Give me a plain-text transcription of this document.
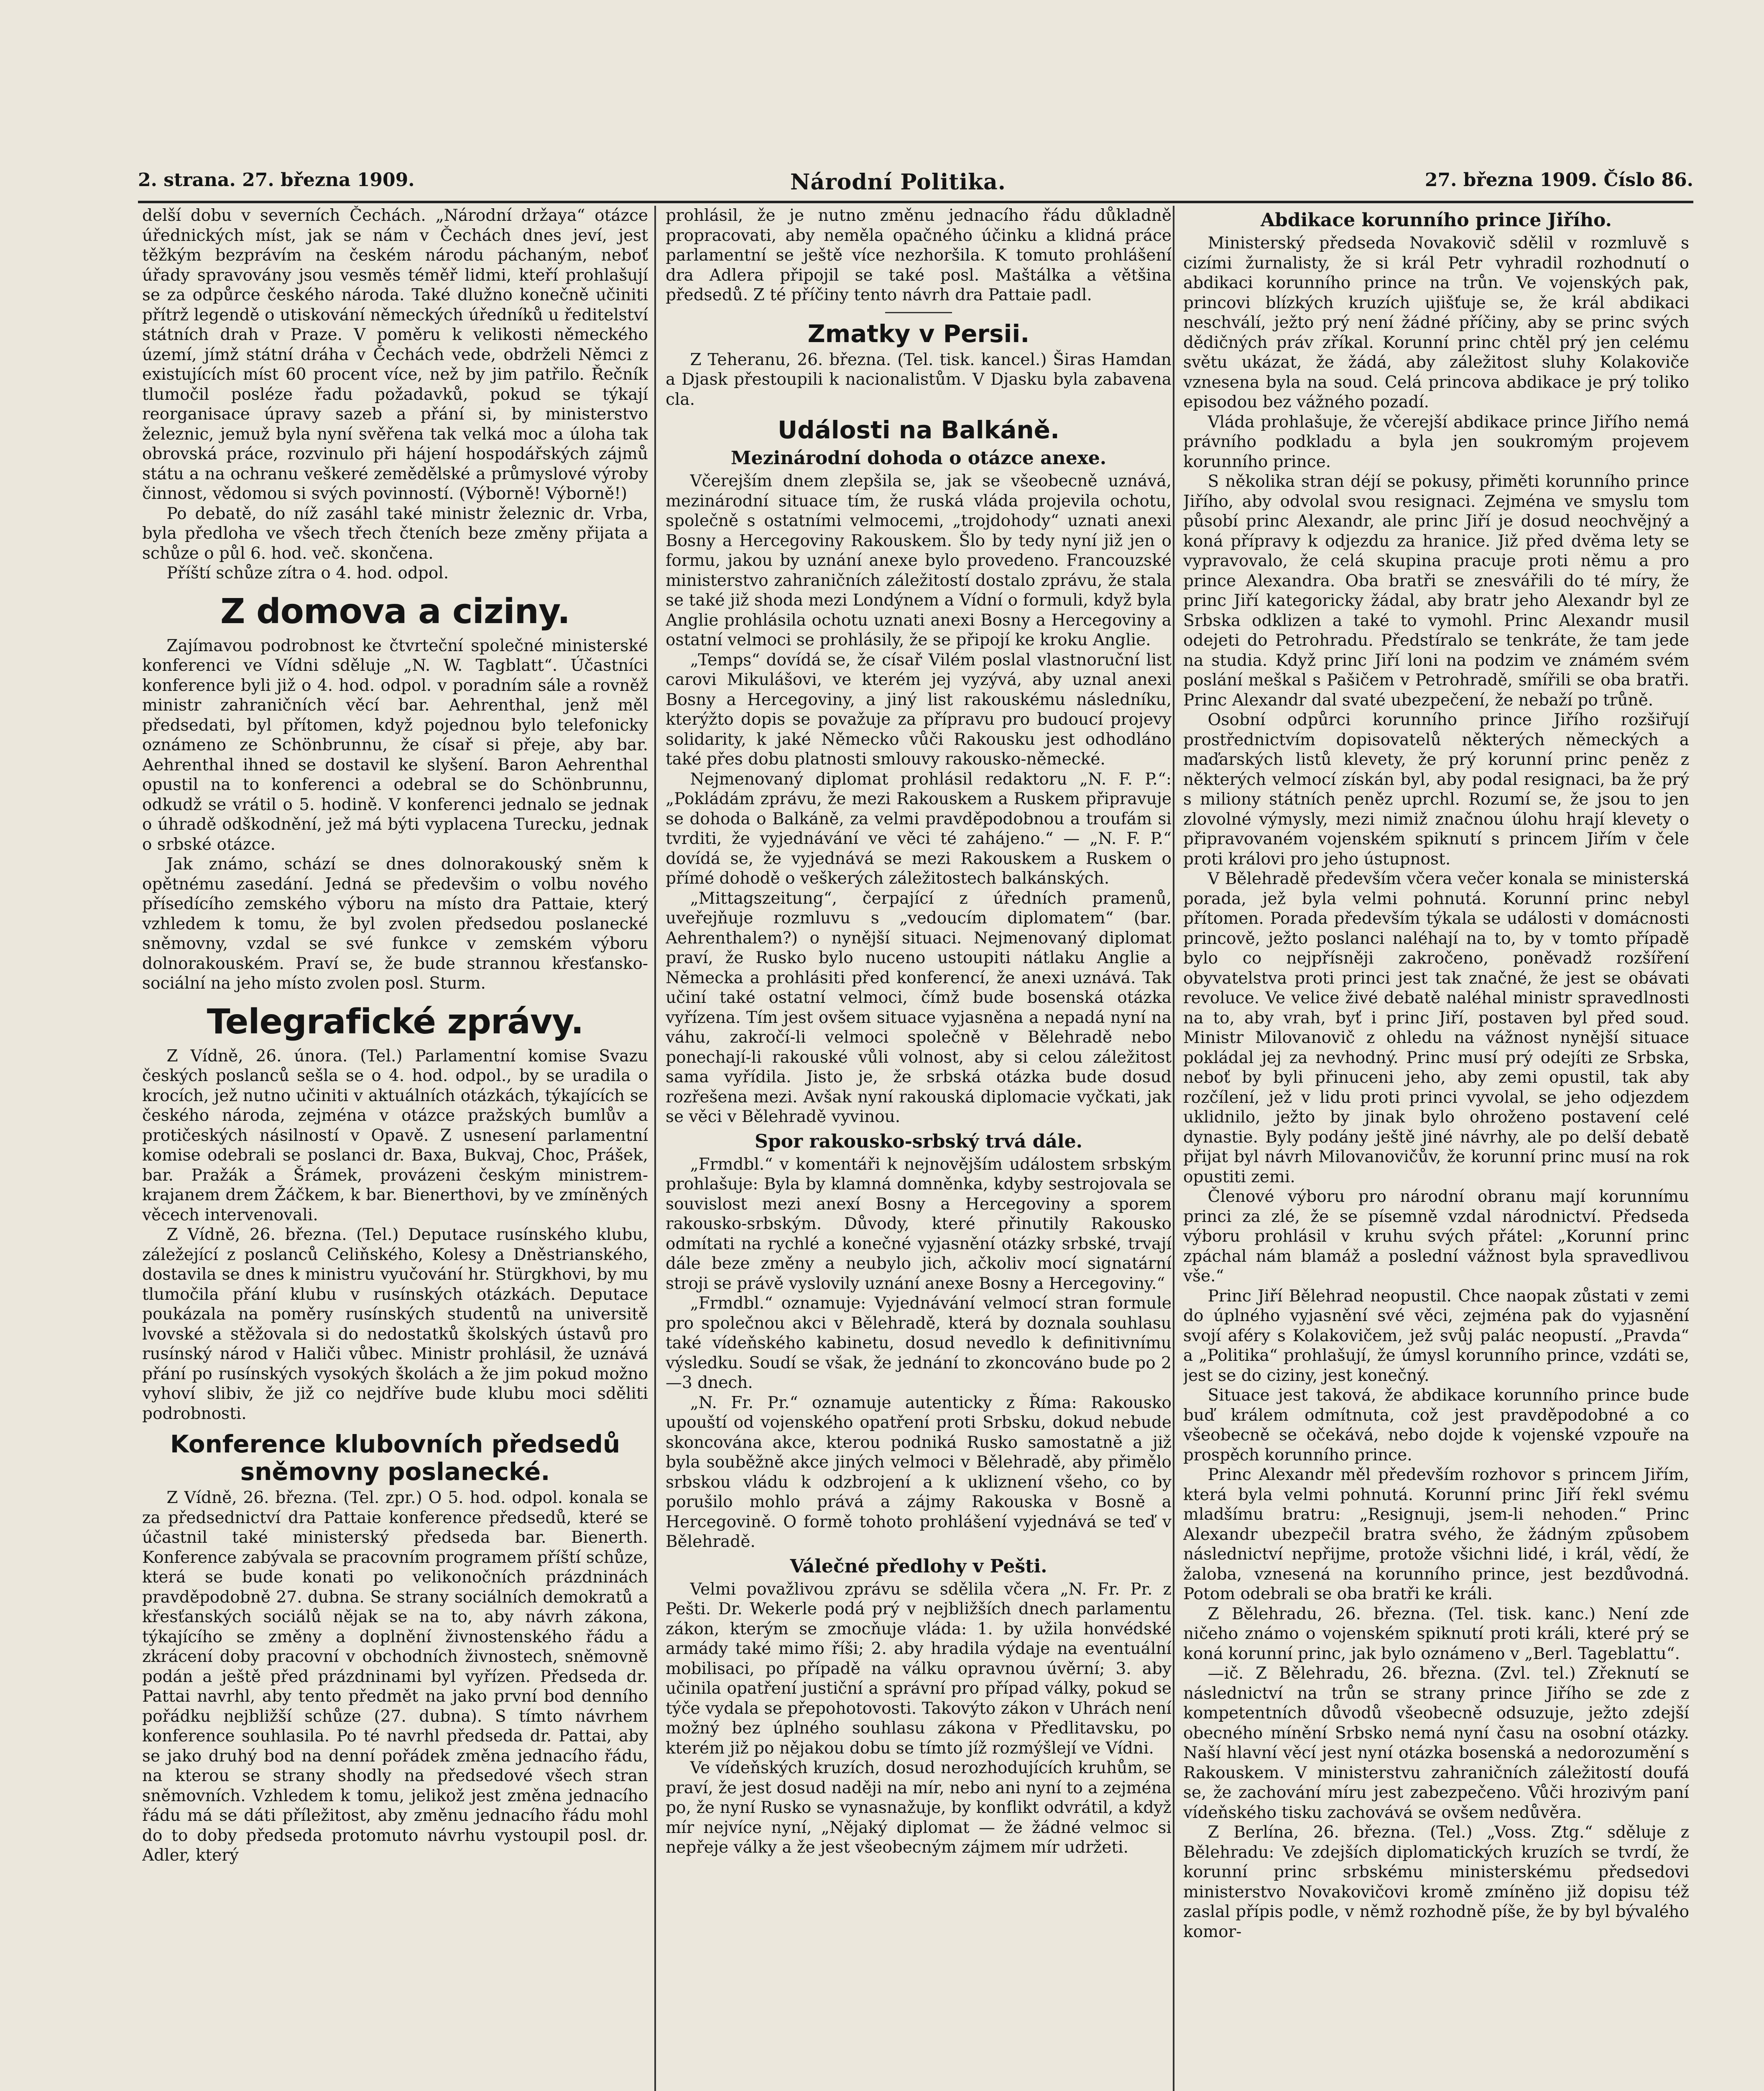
2. strana. 27. března 1909.	Národní Politika.	27. března 1909. Číslo 86.

delší dobu v severních Čechách. „Národní držaya“ otázce úřednických míst, jak se nám v Čechách dnes jeví, jest těžkým bezprávím na českém národu páchaným, neboť úřady spravovány jsou vesměs téměř lidmi, kteří prohlašují se za odpůrce českého národa. Také dlužno konečně učiniti přítrž legendě o utiskování německých úředníků u ředitelství státních drah v Praze. V poměru k velikosti německého území, jímž státní dráha v Čechách vede, obdrželi Němci z existujících míst 60 procent více, než by jim patřilo. Řečník tlumočil posléze řadu požadavků, pokud se týkají reorganisace úpravy sazeb a přání si, by ministerstvo železnic, jemuž byla nyní svěřena tak velká moc a úloha tak obrovská práce, rozvinulo při hájení hospodářských zájmů státu a na ochranu veškeré zemědělské a průmyslové výroby činnost, vědomou si svých povinností. (Výborně! Výborně!)

Po debatě, do níž zasáhl také ministr železnic dr. Vrba, byla předloha ve všech třech čteních beze změny přijata a schůze o půl 6. hod. več. skončena.

Příští schůze zítra o 4. hod. odpol.

Z domova a ciziny.

Zajímavou podrobnost ke čtvrteční společné ministerské konferenci ve Vídni sděluje „N. W. Tagblatt“. Účastníci konference byli již o 4. hod. odpol. v poradním sále a rovněž ministr zahraničních věcí bar. Aehrenthal, jenž měl předsedati, byl přítomen, když pojednou bylo telefonicky oznámeno ze Schönbrunnu, že císař si přeje, aby bar. Aehrenthal ihned se dostavil ke slyšení. Baron Aehrenthal opustil na to konferenci a odebral se do Schönbrunnu, odkudž se vrátil o 5. hodině. V konferenci jednalo se jednak o úhradě odškodnění, jež má býti vyplacena Turecku, jednak o srbské otázce.

Jak známo, schází se dnes dolnorakouský sněm k opětnému zasedání. Jedná se předevšim o volbu nového přísedícího zemského výboru na místo dra Pattaie, který vzhledem k tomu, že byl zvolen předsedou poslanecké sněmovny, vzdal se své funkce v zemském výboru dolnorakouském. Praví se, že bude strannou křesťansko-sociální na jeho místo zvolen posl. Sturm.

Telegrafické zprávy.

Z Vídně, 26. února. (Tel.) Parlamentní komise Svazu českých poslanců sešla se o 4. hod. odpol., by se uradila o krocích, jež nutno učiniti v aktuálních otázkách, týkajících se českého národa, zejména v otázce pražských bumlův a protičeských násilností v Opavě. Z usnesení parlamentní komise odebrali se poslanci dr. Baxa, Bukvaj, Choc, Prášek, bar. Pražák a Šrámek, provázeni českým ministrem-krajanem drem Žáčkem, k bar. Bienerthovi, by ve zmíněných věcech intervenovali.

Z Vídně, 26. března. (Tel.) Deputace rusínského klubu, záležející z poslanců Celiňského, Kolesy a Dněstrianského, dostavila se dnes k ministru vyučování hr. Stürgkhovi, by mu tlumočila přání klubu v rusínských otázkách. Deputace poukázala na poměry rusínských studentů na universitě lvovské a stěžovala si do nedostatků školských ústavů pro rusínský národ v Haliči vůbec. Ministr prohlásil, že uznává přání po rusínských vysokých školách a že jim pokud možno vyhoví slibiv, že již co nejdříve bude klubu moci sděliti podrobnosti.

Konference klubovních předsedů sněmovny poslanecké.

Z Vídně, 26. března. (Tel. zpr.) O 5. hod. odpol. konala se za předsednictví dra Pattaie konference předsedů, které se účastnil také ministerský předseda bar. Bienerth. Konference zabývala se pracovním programem příští schůze, která se bude konati po velikonočních prázdninách pravděpodobně 27. dubna. Se strany sociálních demokratů a křesťanských sociálů nějak se na to, aby návrh zákona, týkajícího se změny a doplnění živnostenského řádu a zkrácení doby pracovní v obchodních živnostech, sněmovně podán a ještě před prázdninami byl vyřízen. Předseda dr. Pattai navrhl, aby tento předmět na jako první bod denního pořádku nejbližší schůze (27. dubna). S tímto návrhem konference souhlasila. Po té navrhl předseda dr. Pattai, aby se jako druhý bod na denní pořádek změna jednacího řádu, na kterou se strany shodly na předsedové všech stran sněmovních. Vzhledem k tomu, jelikož jest změna jednacího řádu má se dáti příležitost, aby změnu jednacího řádu mohl do to doby předseda protomuto návrhu vystoupil posl. dr. Adler, který

prohlásil, že je nutno změnu jednacího řádu důkladně propracovati, aby neměla opačného účinku a klidná práce parlamentní se ještě více nezhoršila. K tomuto prohlášení dra Adlera připojil se také posl. Maštálka a většina předsedů. Z té příčiny tento návrh dra Pattaie padl.

Zmatky v Persii.

Z Teheranu, 26. března. (Tel. tisk. kancel.) Širas Hamdan a Djask přestoupili k nacionalistům. V Djasku byla zabavena cla.

Události na Balkáně.
Mezinárodní dohoda o otázce anexe.

Včerejším dnem zlepšila se, jak se všeobecně uznává, mezinárodní situace tím, že ruská vláda projevila ochotu, společně s ostatními velmocemi, „trojdohody“ uznati anexi Bosny a Hercegoviny Rakouskem. Šlo by tedy nyní již jen o formu, jakou by uznání anexe bylo provedeno. Francouzské ministerstvo zahraničních záležitostí dostalo zprávu, že stala se také již shoda mezi Londýnem a Vídní o formuli, když byla Anglie prohlásila ochotu uznati anexi Bosny a Hercegoviny a ostatní velmoci se prohlásily, že se připojí ke kroku Anglie.

„Temps“ dovídá se, že císař Vilém poslal vlastnoruční list carovi Mikulášovi, ve kterém jej vyzývá, aby uznal anexi Bosny a Hercegoviny, a jiný list rakouskému následníku, kterýžto dopis se považuje za přípravu pro budoucí projevy solidarity, k jaké Německo vůči Rakousku jest odhodláno také přes dobu platnosti smlouvy rakousko-německé.

Nejmenovaný diplomat prohlásil redaktoru „N. F. P.“: „Pokládám zprávu, že mezi Rakouskem a Ruskem připravuje se dohoda o Balkáně, za velmi pravděpodobnou a troufám si tvrditi, že vyjednávání ve věci té zahájeno.“ — „N. F. P.“ dovídá se, že vyjednává se mezi Rakouskem a Ruskem o přímé dohodě o veškerých záležitostech balkánských.

„Mittagszeitung“, čerpající z úředních pramenů, uveřejňuje rozmluvu s „vedoucím diplomatem“ (bar. Aehrenthalem?) o nynější situaci. Nejmenovaný diplomat praví, že Rusko bylo nuceno ustoupiti nátlaku Anglie a Německa a prohlásiti před konferencí, že anexi uznává. Tak učiní také ostatní velmoci, čímž bude bosenská otázka vyřízena. Tím jest ovšem situace vyjasněna a nepadá nyní na váhu, zakročí-li velmoci společně v Bělehradě nebo ponechají-li rakouské vůli volnost, aby si celou záležitost sama vyřídila. Jisto je, že srbská otázka bude dosud rozřešena mezi. Avšak nyní rakouská diplomacie vyčkati, jak se věci v Bělehradě vyvinou.

Spor rakousko-srbský trvá dále.

„Frmdbl.“ v komentáři k nejnovějším událostem srbským prohlašuje: Byla by klamná domněnka, kdyby sestrojovala se souvislost mezi anexí Bosny a Hercegoviny a sporem rakousko-srbským. Důvody, které přinutily Rakousko odmítati na rychlé a konečné vyjasnění otázky srbské, trvají dále beze změny a neubylo jich, ačkoliv mocí signatární stroji se právě vyslovily uznání anexe Bosny a Hercegoviny.“

„Frmdbl.“ oznamuje: Vyjednávání velmocí stran formule pro společnou akci v Bělehradě, která by doznala souhlasu také vídeňského kabinetu, dosud nevedlo k definitivnímu výsledku. Soudí se však, že jednání to zkoncováno bude po 2—3 dnech.

„N. Fr. Pr.“ oznamuje autenticky z Říma: Rakousko upouští od vojenského opatření proti Srbsku, dokud nebude skoncována akce, kterou podniká Rusko samostatně a již byla souběžně akce jiných velmoci v Bělehradě, aby přimělo srbskou vládu k odzbrojení a k ukliznení všeho, co by porušilo mohlo prává a zájmy Rakouska v Bosně a Hercegovině. O formě tohoto prohlášení vyjednává se teď v Bělehradě.

Válečné předlohy v Pešti.

Velmi považlivou zprávu se sdělila včera „N. Fr. Pr. z Pešti. Dr. Wekerle podá prý v nejbližších dnech parlamentu zákon, kterým se zmocňuje vláda: 1. by užila honvédské armády také mimo říši; 2. aby hradila výdaje na eventuální mobilisaci, po případě na válku opravnou úvěrní; 3. aby učinila opatření justiční a správní pro případ války, pokud se týče vydala se přepohotovosti. Takovýto zákon v Uhrách není možný bez úplného souhlasu zákona v Předlitavsku, po kterém již po nějakou dobu se tímto jíž rozmýšlejí ve Vídni.

Ve vídeňských kruzích, dosud nerozhodujících kruhům, se praví, že jest dosud naději na mír, nebo ani nyní to a zejména po, že nyní Rusko se vynasnažuje, by konflikt odvrátil, a když mír nejvíce nyní, „Nějaký diplomat — že žádné velmoc si nepřeje války a že jest všeobecným zájmem mír udržeti.

Abdikace korunního prince Jiřího.

Ministerský předseda Novakovič sdělil v rozmluvě s cizími žurnalisty, že si král Petr vyhradil rozhodnutí o abdikaci korunního prince na trůn. Ve vojenských pak, princovi blízkých kruzích ujišťuje se, že král abdikaci neschválí, ježto prý není žádné příčiny, aby se princ svých dědičných práv zříkal. Korunní princ chtěl prý jen celému světu ukázat, že žádá, aby záležitost sluhy Kolakoviče vznesena byla na soud. Celá princova abdikace je prý toliko episodou bez vážného pozadí.

Vláda prohlašuje, že včerejší abdikace prince Jiřího nemá právního podkladu a byla jen soukromým projevem korunního prince.

S několika stran déjí se pokusy, přiměti korunního prince Jiřího, aby odvolal svou resignaci. Zejména ve smyslu tom působí princ Alexandr, ale princ Jiří je dosud neochvějný a koná přípravy k odjezdu za hranice. Již před dvěma lety se vypravovalo, že celá skupina pracuje proti němu a pro prince Alexandra. Oba bratři se znesvářili do té míry, že princ Jiří kategoricky žádal, aby bratr jeho Alexandr byl ze Srbska odklizen a také to vymohl. Princ Alexandr musil odejeti do Petrohradu. Předstíralo se tenkráte, že tam jede na studia. Když princ Jiří loni na podzim ve známém svém poslání meškal s Pašičem v Petrohradě, smířili se oba bratři. Princ Alexandr dal svaté ubezpečení, že nebaží po trůně.

Osobní odpůrci korunního prince Jiřího rozšiřují prostřednictvím dopisovatelů některých německých a maďarských listů klevety, že prý korunní princ peněz z některých velmocí získán byl, aby podal resignaci, ba že prý s miliony státních peněz uprchl. Rozumí se, že jsou to jen zlovolné výmysly, mezi nimiž značnou úlohu hrají klevety o připravovaném vojenském spiknutí s princem Jiřím v čele proti královi pro jeho ústupnost.

V Bělehradě především včera večer konala se ministerská porada, jež byla velmi pohnutá. Korunní princ nebyl přítomen. Porada především týkala se události v domácnosti princově, ježto poslanci naléhají na to, by v tomto případě bylo co nejpřísněji zakročeno, poněvadž rozšíření obyvatelstva proti princi jest tak značné, že jest se obávati revoluce. Ve velice živé debatě naléhal ministr spravedlnosti na to, aby vrah, byť i princ Jiří, postaven byl před soud. Ministr Milovanovič z ohledu na vážnost nynější situace pokládal jej za nevhodný. Princ musí prý odejíti ze Srbska, neboť by byli přinuceni jeho, aby zemi opustil, tak aby rozčílení, jež v lidu proti princi vyvolal, se jeho odjezdem uklidnilo, ježto by jinak bylo ohroženo postavení celé dynastie. Byly podány ještě jiné návrhy, ale po delší debatě přijat byl návrh Milovanovičův, že korunní princ musí na rok opustiti zemi.

Členové výboru pro národní obranu mají korunnímu princi za zlé, že se písemně vzdal národnictví. Předseda výboru prohlásil v kruhu svých přátel: „Korunní princ zpáchal nám blamáž a poslední vážnost byla spravedlivou vše.“

Princ Jiří Bělehrad neopustil. Chce naopak zůstati v zemi do úplného vyjasnění své věci, zejména pak do vyjasnění svojí aféry s Kolakovičem, jež svůj palác neopustí. „Pravda“ a „Politika“ prohlašují, že úmysl korunního prince, vzdáti se, jest se do ciziny, jest konečný.

Situace jest taková, že abdikace korunního prince bude buď králem odmítnuta, což jest pravděpodobné a co všeobecně se očekává, nebo dojde k vojenské vzpouře na prospěch korunního prince.

Princ Alexandr měl především rozhovor s princem Jiřím, která byla velmi pohnutá. Korunní princ Jiří řekl svému mladšímu bratru: „Resignuji, jsem-li nehoden.“ Princ Alexandr ubezpečil bratra svého, že žádným způsobem následnictví nepřijme, protože všichni lidé, i král, vědí, že žaloba, vznesená na korunního prince, jest bezdůvodná. Potom odebrali se oba bratři ke králi.

Z Bělehradu, 26. března. (Tel. tisk. kanc.) Není zde ničeho známo o vojenském spiknutí proti králi, které prý se koná korunní princ, jak bylo oznámeno v „Berl. Tageblattu“.

—ič. Z Bělehradu, 26. března. (Zvl. tel.) Zřeknutí se následnictví na trůn se strany prince Jiřího se zde z kompetentních důvodů všeobecně odsuzuje, ježto zdejší obecného mínění Srbsko nemá nyní času na osobní otázky. Naší hlavní věcí jest nyní otázka bosenská a nedorozumění s Rakouskem. V ministerstvu zahraničních záležitostí doufá se, že zachování míru jest zabezpečeno. Vůči hrozivým paní vídeňského tisku zachovává se ovšem nedůvěra.

Z Berlína, 26. března. (Tel.) „Voss. Ztg.“ sděluje z Bělehradu: Ve zdejších diplomatických kruzích se tvrdí, že korunní princ srbskému ministerskému předsedovi ministerstvo Novakovičovi kromě zmíněno již dopisu též zaslal přípis podle, v němž rozhodně píše, že by byl bývalého komor-
